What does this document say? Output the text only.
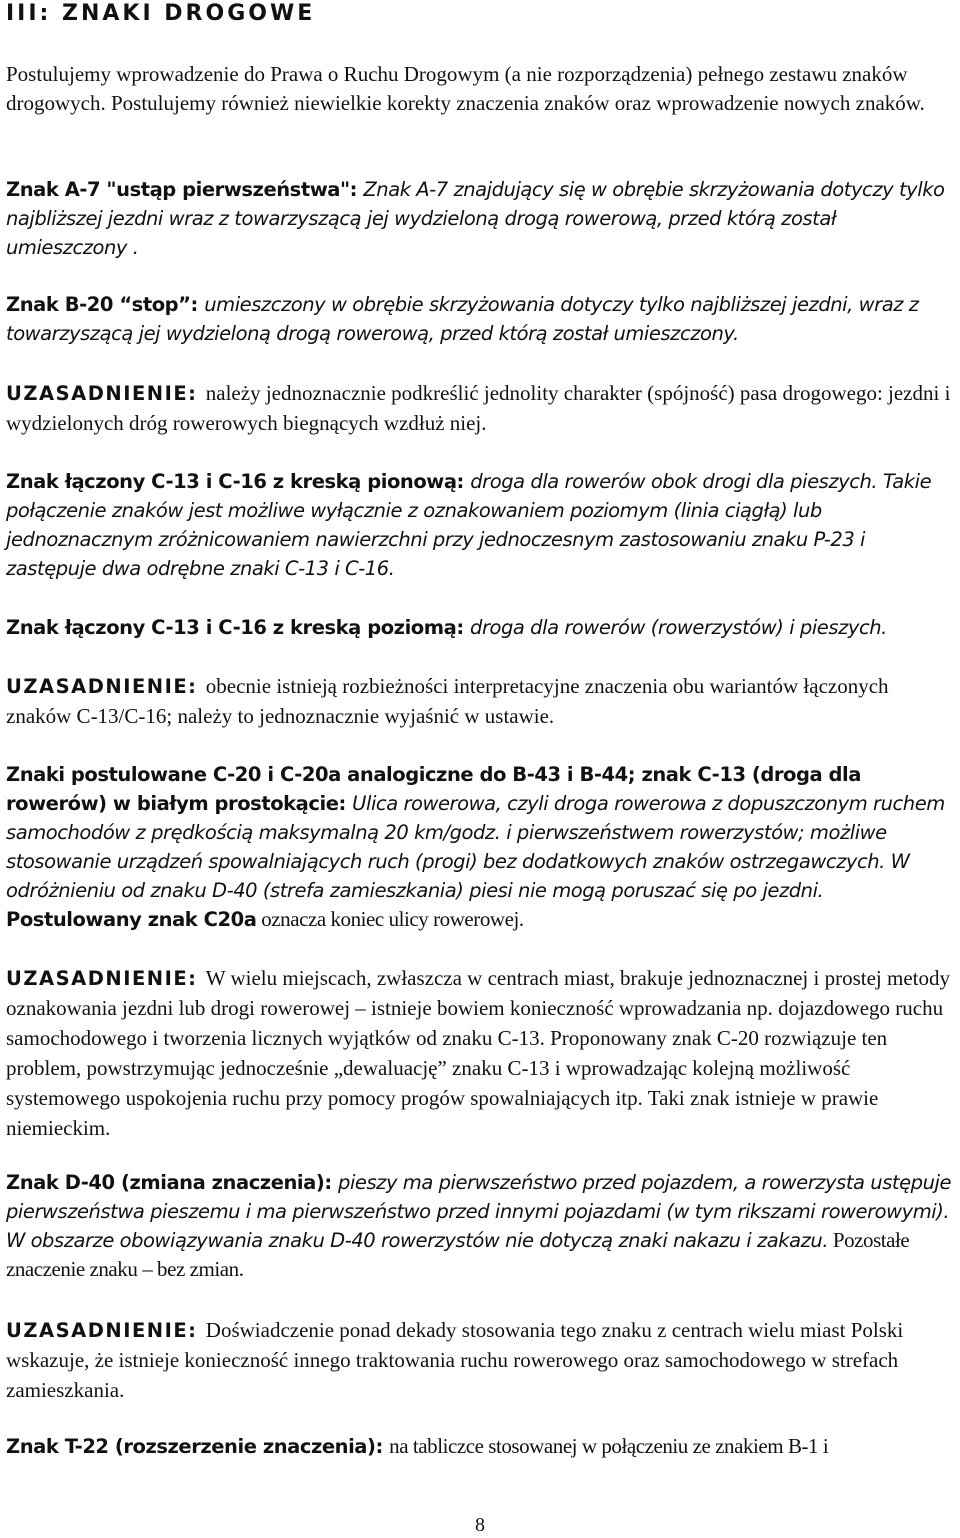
III: ZNAKI DROGOWE

Postulujemy wprowadzenie do Prawa o Ruchu Drogowym (a nie rozporządzenia) pełnego zestawu znaków drogowych. Postulujemy również niewielkie korekty znaczenia znaków oraz wprowadzenie nowych znaków.

Znak A-7 "ustąp pierwszeństwa": Znak A-7 znajdujący się w obrębie skrzyżowania dotyczy tylko najbliższej jezdni wraz z towarzyszącą jej wydzieloną drogą rowerową, przed którą został umieszczony .

Znak B-20 “stop”: umieszczony w obrębie skrzyżowania dotyczy tylko najbliższej jezdni, wraz z towarzyszącą jej wydzieloną drogą rowerową, przed którą został umieszczony.

UZASADNIENIE: należy jednoznacznie podkreślić jednolity charakter (spójność) pasa drogowego: jezdni i wydzielonych dróg rowerowych biegnących wzdłuż niej.

Znak łączony C-13 i C-16 z kreską pionową: droga dla rowerów obok drogi dla pieszych. Takie połączenie znaków jest możliwe wyłącznie z oznakowaniem poziomym (linia ciągłą) lub jednoznacznym zróżnicowaniem nawierzchni przy jednoczesnym zastosowaniu znaku P-23 i zastępuje dwa odrębne znaki C-13 i C-16.

Znak łączony C-13 i C-16 z kreską poziomą: droga dla rowerów (rowerzystów) i pieszych.

UZASADNIENIE: obecnie istnieją rozbieżności interpretacyjne znaczenia obu wariantów łączonych znaków C-13/C-16; należy to jednoznacznie wyjaśnić w ustawie.

Znaki postulowane C-20 i C-20a analogiczne do B-43 i B-44; znak C-13 (droga dla rowerów) w białym prostokącie: Ulica rowerowa, czyli droga rowerowa z dopuszczonym ruchem samochodów z prędkością maksymalną 20 km/godz. i pierwszeństwem rowerzystów; możliwe stosowanie urządzeń spowalniających ruch (progi) bez dodatkowych znaków ostrzegawczych. W odróżnieniu od znaku D-40 (strefa zamieszkania) piesi nie mogą poruszać się po jezdni. Postulowany znak C20a oznacza koniec ulicy rowerowej.

UZASADNIENIE: W wielu miejscach, zwłaszcza w centrach miast, brakuje jednoznacznej i prostej metody oznakowania jezdni lub drogi rowerowej – istnieje bowiem konieczność wprowadzania np. dojazdowego ruchu samochodowego i tworzenia licznych wyjątków od znaku C-13. Proponowany znak C-20 rozwiązuje ten problem, powstrzymując jednocześnie „dewaluację” znaku C-13 i wprowadzając kolejną możliwość systemowego uspokojenia ruchu przy pomocy progów spowalniających itp. Taki znak istnieje w prawie niemieckim.

Znak D-40 (zmiana znaczenia): pieszy ma pierwszeństwo przed pojazdem, a rowerzysta ustępuje pierwszeństwa pieszemu i ma pierwszeństwo przed innymi pojazdami (w tym rikszami rowerowymi). W obszarze obowiązywania znaku D-40 rowerzystów nie dotyczą znaki nakazu i zakazu. Pozostałe znaczenie znaku – bez zmian.

UZASADNIENIE: Doświadczenie ponad dekady stosowania tego znaku z centrach wielu miast Polski wskazuje, że istnieje konieczność innego traktowania ruchu rowerowego oraz samochodowego w strefach zamieszkania.

Znak T-22 (rozszerzenie znaczenia): na tabliczce stosowanej w połączeniu ze znakiem B-1 i

8
